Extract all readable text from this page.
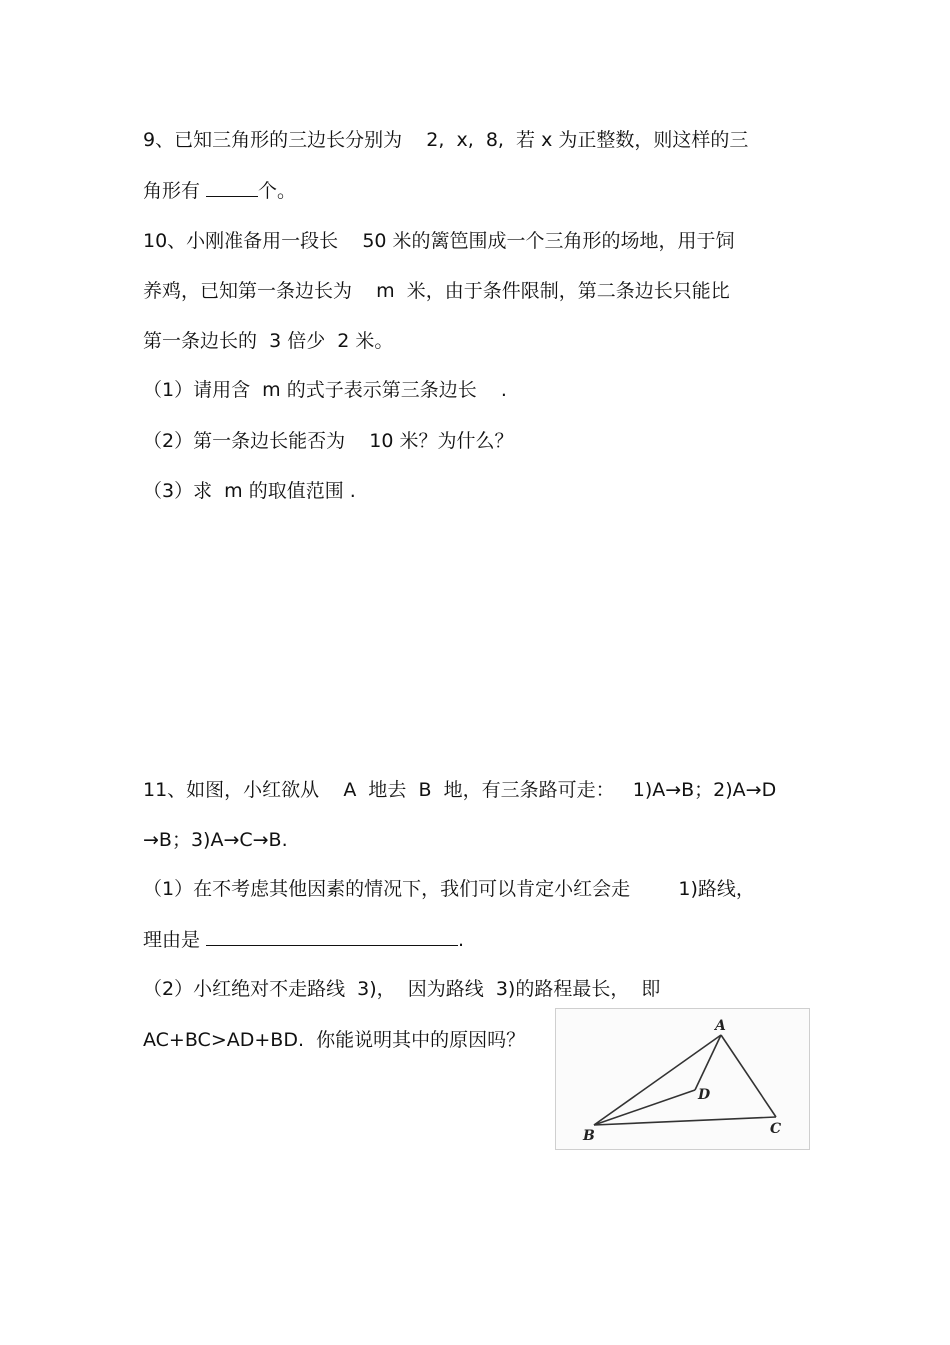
9、已知三角形的三边长分别为    2,  x,  8,  若 x 为正整数，则这样的三
角形有	个。
10、小刚准备用一段长    50 米的篱笆围成一个三角形的场地，用于饲
养鸡，已知第一条边长为    m  米，由于条件限制，第二条边长只能比
第一条边长的  3 倍少  2 米。
（1）请用含  m 的式子表示第三条边长    .
（2）第一条边长能否为    10 米？为什么？
（3）求  m 的取值范围 .
11、如图，小红欲从    A  地去  B  地，有三条路可走：   1)A→B；2)A→D
→B；3)A→C→B.
（1）在不考虑其他因素的情况下，我们可以肯定小红会走        1)路线，
理由是	.
（2）小红绝对不走路线  3)，  因为路线  3)的路程最长，  即
AC+BC>AD+BD.  你能说明其中的原因吗？
A
B	C
D
